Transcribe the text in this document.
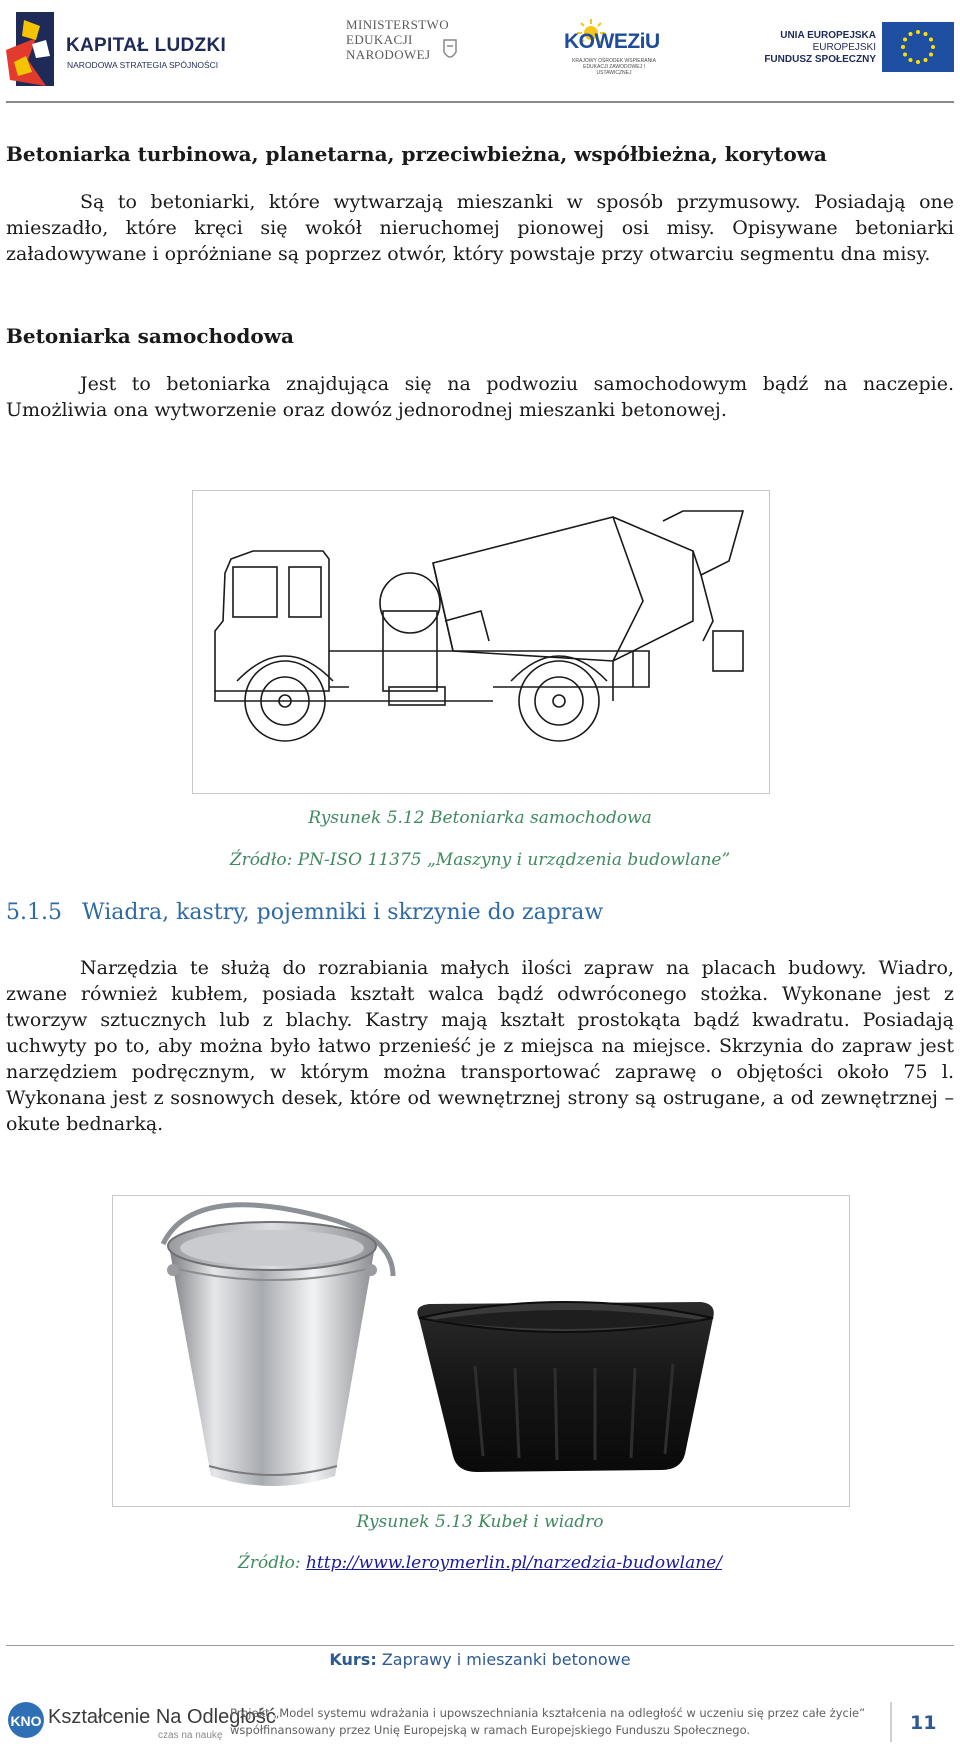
KAPITAŁ LUDZKI
NARODOWA STRATEGIA SPÓJNOŚCI
MINISTERSTWO
EDUKACJI
NARODOWEJ
KOWEZiU
KRAJOWY OŚRODEK WSPIERANIA EDUKACJI ZAWODOWEJ I USTAWICZNEJ
UNIA EUROPEJSKA
EUROPEJSKI
FUNDUSZ SPOŁECZNY
Betoniarka turbinowa, planetarna, przeciwbieżna, współbieżna, korytowa
Są to betoniarki, które wytwarzają mieszanki w sposób przymusowy. Posiadają one mieszadło, które kręci się wokół nieruchomej pionowej osi misy. Opisywane betoniarki załadowywane i opróżniane są poprzez otwór, który powstaje przy otwarciu segmentu dna misy.
Betoniarka samochodowa
Jest to betoniarka znajdująca się na podwoziu samochodowym bądź na naczepie. Umożliwia ona wytworzenie oraz dowóz jednorodnej mieszanki betonowej.
Rysunek 5.12 Betoniarka samochodowa
Źródło: PN-ISO 11375 „Maszyny i urządzenia budowlane”
5.1.5 Wiadra, kastry, pojemniki i skrzynie do zapraw
Narzędzia te służą do rozrabiania małych ilości zapraw na placach budowy. Wiadro, zwane również kubłem, posiada kształt walca bądź odwróconego stożka. Wykonane jest z tworzyw sztucznych lub z blachy. Kastry mają kształt prostokąta bądź kwadratu. Posiadają uchwyty po to, aby można było łatwo przenieść je z miejsca na miejsce. Skrzynia do zapraw jest narzędziem podręcznym, w którym można transportować zaprawę o objętości około 75 l. Wykonana jest z sosnowych desek, które od wewnętrznej strony są ostrugane, a od zewnętrznej – okute bednarką.
Rysunek 5.13 Kubeł i wiadro
Źródło: http://www.leroymerlin.pl/narzedzia-budowlane/
Kurs: Zaprawy i mieszanki betonowe
KNO Kształcenie Na Odległość
czas na naukę
Projekt „Model systemu wdrażania i upowszechniania kształcenia na odległość w uczeniu się przez całe życie”
współfinansowany przez Unię Europejską w ramach Europejskiego Funduszu Społecznego.	11
